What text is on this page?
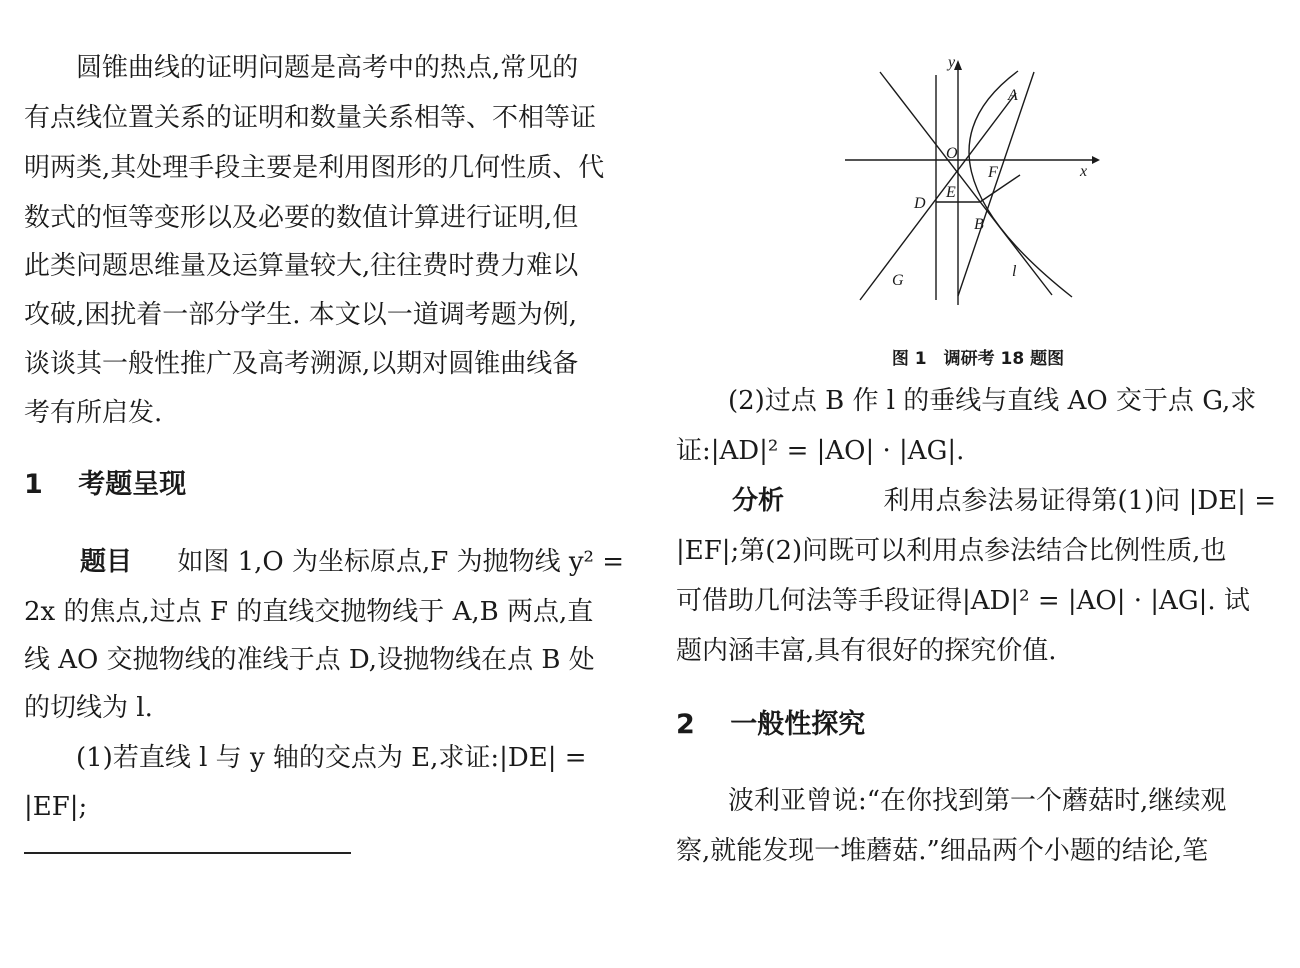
　　圆锥曲线的证明问题是高考中的热点,常见的
有点线位置关系的证明和数量关系相等、不相等证
明两类,其处理手段主要是利用图形的几何性质、代
数式的恒等变形以及必要的数值计算进行证明,但
此类问题思维量及运算量较大,往往费时费力难以
攻破,困扰着一部分学生. 本文以一道调考题为例,
谈谈其一般性推广及高考溯源,以期对圆锥曲线备
考有所启发.
1 考题呈现
题目 如图 1,O 为坐标原点,F 为抛物线 y² =
2x 的焦点,过点 F 的直线交抛物线于 A,B 两点,直
线 AO 交抛物线的准线于点 D,设抛物线在点 B 处
的切线为 l.
　　(1)若直线 l 与 y 轴的交点为 E,求证:|DE| =
|EF|;
y
x
O
A
F
E
D
B
G
l
图 1　调研考 18 题图
　　(2)过点 B 作 l 的垂线与直线 AO 交于点 G,求
证:|AD|² = |AO| · |AG|.
分析	利用点参法易证得第(1)问 |DE| =
|EF|;第(2)问既可以利用点参法结合比例性质,也
可借助几何法等手段证得|AD|² = |AO| · |AG|. 试
题内涵丰富,具有很好的探究价值.
2 一般性探究
　　波利亚曾说:“在你找到第一个蘑菇时,继续观
察,就能发现一堆蘑菇.”细品两个小题的结论,笔
